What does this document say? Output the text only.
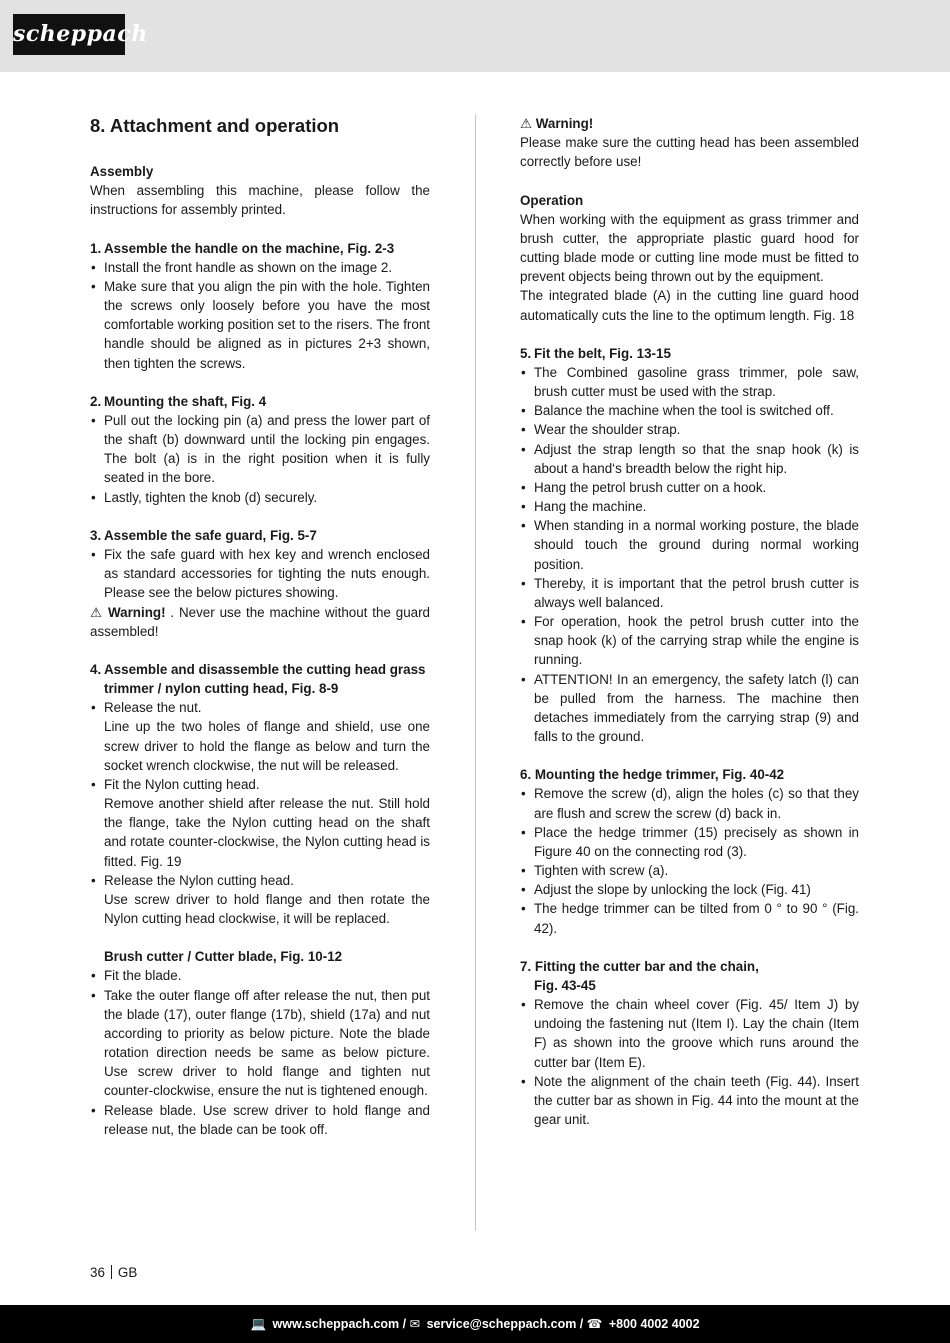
scheppach
8. Attachment and operation
Assembly
When assembling this machine, please follow the instructions for assembly printed.
1. Assemble the handle on the machine, Fig. 2-3
• Install the front handle as shown on the image 2.
• Make sure that you align the pin with the hole. Tighten the screws only loosely before you have the most comfortable working position set to the risers. The front handle should be aligned as in pictures 2+3 shown, then tighten the screws.
2. Mounting the shaft, Fig. 4
• Pull out the locking pin (a) and press the lower part of the shaft (b) downward until the locking pin engages. The bolt (a) is in the right position when it is fully seated in the bore.
• Lastly, tighten the knob (d) securely.
3. Assemble the safe guard, Fig. 5-7
• Fix the safe guard with hex key and wrench enclosed as standard accessories for tighting the nuts enough. Please see the below pictures showing.
⚠ Warning! . Never use the machine without the guard assembled!
4. Assemble and disassemble the cutting head grass trimmer / nylon cutting head, Fig. 8-9
• Release the nut.
Line up the two holes of flange and shield, use one screw driver to hold the flange as below and turn the socket wrench clockwise, the nut will be released.
• Fit the Nylon cutting head.
Remove another shield after release the nut. Still hold the flange, take the Nylon cutting head on the shaft and rotate counter-clockwise, the Nylon cutting head is fitted. Fig. 19
• Release the Nylon cutting head.
Use screw driver to hold flange and then rotate the Nylon cutting head clockwise, it will be replaced.
Brush cutter / Cutter blade, Fig. 10-12
• Fit the blade.
• Take the outer flange off after release the nut, then put the blade (17), outer flange (17b), shield (17a) and nut according to priority as below picture. Note the blade rotation direction needs be same as below picture. Use screw driver to hold flange and tighten nut counter-clockwise, ensure the nut is tightened enough.
• Release blade. Use screw driver to hold flange and release nut, the blade can be took off.
⚠ Warning!
Please make sure the cutting head has been assembled correctly before use!
Operation
When working with the equipment as grass trimmer and brush cutter, the appropriate plastic guard hood for cutting blade mode or cutting line mode must be fitted to prevent objects being thrown out by the equipment.
The integrated blade (A) in the cutting line guard hood automatically cuts the line to the optimum length. Fig. 18
5. Fit the belt, Fig. 13-15
• The Combined gasoline grass trimmer, pole saw, brush cutter must be used with the strap.
• Balance the machine when the tool is switched off.
• Wear the shoulder strap.
• Adjust the strap length so that the snap hook (k) is about a hand‘s breadth below the right hip.
• Hang the petrol brush cutter on a hook.
• Hang the machine.
• When standing in a normal working posture, the blade should touch the ground during normal working position.
• Thereby, it is important that the petrol brush cutter is always well balanced.
• For operation, hook the petrol brush cutter into the snap hook (k) of the carrying strap while the engine is running.
• ATTENTION! In an emergency, the safety latch (l) can be pulled from the harness. The machine then detaches immediately from the carrying strap (9) and falls to the ground.
6. Mounting the hedge trimmer, Fig. 40-42
• Remove the screw (d), align the holes (c) so that they are flush and screw the screw (d) back in.
• Place the hedge trimmer (15) precisely as shown in Figure 40 on the connecting rod (3).
• Tighten with screw (a).
• Adjust the slope by unlocking the lock (Fig. 41)
• The hedge trimmer can be tilted from 0 ° to 90 ° (Fig. 42).
7. Fitting the cutter bar and the chain,
Fig. 43-45
• Remove the chain wheel cover (Fig. 45/ Item J) by undoing the fastening nut (Item I). Lay the chain (Item F) as shown into the groove which runs around the cutter bar (Item E).
• Note the alignment of the chain teeth (Fig. 44). Insert the cutter bar as shown in Fig. 44 into the mount at the gear unit.
36 GB
💻 www.scheppach.com / ✉ service@scheppach.com / ☎ +800 4002 4002
